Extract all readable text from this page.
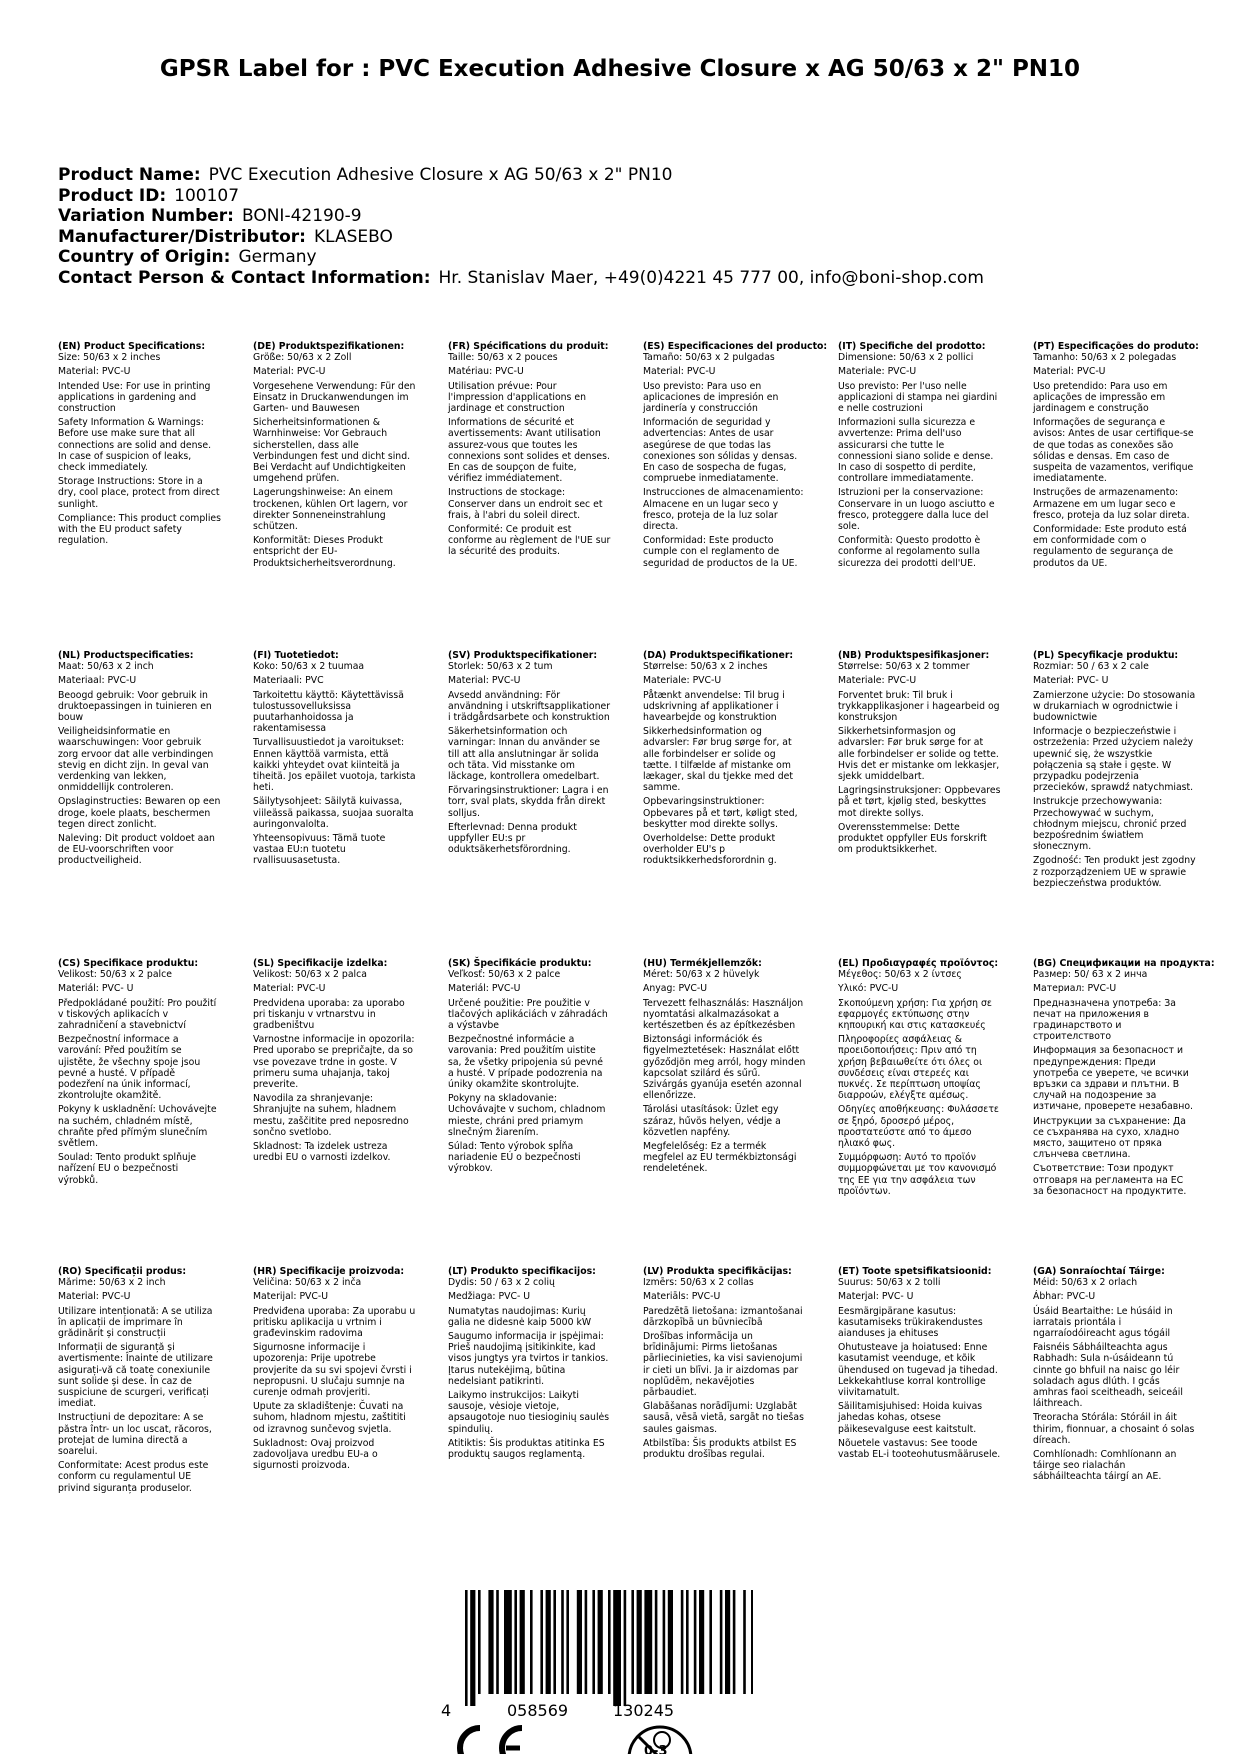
GPSR Label for : PVC Execution Adhesive Closure x AG 50/63 x 2" PN10
Product Name: PVC Execution Adhesive Closure x AG 50/63 x 2" PN10
Product ID: 100107
Variation Number: BONI-42190-9
Manufacturer/Distributor: KLASEBO
Country of Origin: Germany
Contact Person & Contact Information: Hr. Stanislav Maer, +49(0)4221 45 777 00, info@boni-shop.com
(EN) Product Specifications:
Size: 50/63 x 2 inches
Material: PVC-U
Intended Use: For use in printing applications in gardening and construction
Safety Information & Warnings: Before use make sure that all connections are solid and dense. In case of suspicion of leaks, check immediately.
Storage Instructions: Store in a dry, cool place, protect from direct sunlight.
Compliance: This product complies with the EU product safety regulation.
(DE) Produktspezifikationen:
Größe: 50/63 x 2 Zoll
Material: PVC-U
Vorgesehene Verwendung: Für den Einsatz in Druckanwendungen im Garten- und Bauwesen
Sicherheitsinformationen & Warnhinweise: Vor Gebrauch sicherstellen, dass alle Verbindungen fest und dicht sind. Bei Verdacht auf Undichtigkeiten umgehend prüfen.
Lagerungshinweise: An einem trockenen, kühlen Ort lagern, vor direkter Sonneneinstrahlung schützen.
Konformität: Dieses Produkt entspricht der EU-Produktsicherheitsverordnung.
(FR) Spécifications du produit:
Taille: 50/63 x 2 pouces
Matériau: PVC-U
Utilisation prévue: Pour l'impression d'applications en jardinage et construction
Informations de sécurité et avertissements: Avant utilisation assurez-vous que toutes les connexions sont solides et denses. En cas de soupçon de fuite, vérifiez immédiatement.
Instructions de stockage: Conserver dans un endroit sec et frais, à l'abri du soleil direct.
Conformité: Ce produit est conforme au règlement de l'UE sur la sécurité des produits.
(ES) Especificaciones del producto:
Tamaño: 50/63 x 2 pulgadas
Material: PVC-U
Uso previsto: Para uso en aplicaciones de impresión en jardinería y construcción
Información de seguridad y advertencias: Antes de usar asegúrese de que todas las conexiones son sólidas y densas. En caso de sospecha de fugas, compruebe inmediatamente.
Instrucciones de almacenamiento: Almacene en un lugar seco y fresco, proteja de la luz solar directa.
Conformidad: Este producto cumple con el reglamento de seguridad de productos de la UE.
(IT) Specifiche del prodotto:
Dimensione: 50/63 x 2 pollici
Materiale: PVC-U
Uso previsto: Per l'uso nelle applicazioni di stampa nei giardini e nelle costruzioni
Informazioni sulla sicurezza e avvertenze: Prima dell'uso assicurarsi che tutte le connessioni siano solide e dense. In caso di sospetto di perdite, controllare immediatamente.
Istruzioni per la conservazione: Conservare in un luogo asciutto e fresco, proteggere dalla luce del sole.
Conformità: Questo prodotto è conforme al regolamento sulla sicurezza dei prodotti dell'UE.
(PT) Especificações do produto:
Tamanho: 50/63 x 2 polegadas
Material: PVC-U
Uso pretendido: Para uso em aplicações de impressão em jardinagem e construção
Informações de segurança e avisos: Antes de usar certifique-se de que todas as conexões são sólidas e densas. Em caso de suspeita de vazamentos, verifique imediatamente.
Instruções de armazenamento: Armazene em um lugar seco e fresco, proteja da luz solar direta.
Conformidade: Este produto está em conformidade com o regulamento de segurança de produtos da UE.
(NL) Productspecificaties:
Maat: 50/63 x 2 inch
Materiaal: PVC-U
Beoogd gebruik: Voor gebruik in druktoepassingen in tuinieren en bouw
Veiligheidsinformatie en waarschuwingen: Voor gebruik zorg ervoor dat alle verbindingen stevig en dicht zijn. In geval van verdenking van lekken, onmiddellijk controleren.
Opslaginstructies: Bewaren op een droge, koele plaats, beschermen tegen direct zonlicht.
Naleving: Dit product voldoet aan de EU-voorschriften voor productveiligheid.
(FI) Tuotetiedot:
Koko: 50/63 x 2 tuumaa
Materiaali: PVC
Tarkoitettu käyttö: Käytettävissä tulostussovelluksissa puutarhanhoidossa ja rakentamisessa
Turvallisuustiedot ja varoitukset: Ennen käyttöä varmista, että kaikki yhteydet ovat kiinteitä ja tiheitä. Jos epäilet vuotoja, tarkista heti.
Säilytysohjeet: Säilytä kuivassa, viileässä paikassa, suojaa suoralta auringonvalolta.
Yhteensopivuus: Tämä tuote vastaa EU:n tuotetu rvallisuusasetusta.
(SV) Produktspecifikationer:
Storlek: 50/63 x 2 tum
Material: PVC-U
Avsedd användning: För användning i utskriftsapplikationer i trädgårdsarbete och konstruktion
Säkerhetsinformation och varningar: Innan du använder se till att alla anslutningar är solida och täta. Vid misstanke om läckage, kontrollera omedelbart.
Förvaringsinstruktioner: Lagra i en torr, sval plats, skydda från direkt solljus.
Efterlevnad: Denna produkt uppfyller EU:s pr oduktsäkerhetsförordning.
(DA) Produktspecifikationer:
Størrelse: 50/63 x 2 inches
Materiale: PVC-U
Påtænkt anvendelse: Til brug i udskrivning af applikationer i havearbejde og konstruktion
Sikkerhedsinformation og advarsler: Før brug sørge for, at alle forbindelser er solide og tætte. I tilfælde af mistanke om lækager, skal du tjekke med det samme.
Opbevaringsinstruktioner: Opbevares på et tørt, køligt sted, beskytter mod direkte sollys.
Overholdelse: Dette produkt overholder EU's p roduktsikkerhedsforordnin g.
(NB) Produktspesifikasjoner:
Størrelse: 50/63 x 2 tommer
Materiale: PVC-U
Forventet bruk: Til bruk i trykkapplikasjoner i hagearbeid og konstruksjon
Sikkerhetsinformasjon og advarsler: Før bruk sørge for at alle forbindelser er solide og tette. Hvis det er mistanke om lekkasjer, sjekk umiddelbart.
Lagringsinstruksjoner: Oppbevares på et tørt, kjølig sted, beskyttes mot direkte sollys.
Overensstemmelse: Dette produktet oppfyller EUs forskrift om produktsikkerhet.
(PL) Specyfikacje produktu:
Rozmiar: 50 / 63 x 2 cale
Materiał: PVC- U
Zamierzone użycie: Do stosowania w drukarniach w ogrodnictwie i budownictwie
Informacje o bezpieczeństwie i ostrzeżenia: Przed użyciem należy upewnić się, że wszystkie połączenia są stałe i gęste. W przypadku podejrzenia przecieków, sprawdź natychmiast.
Instrukcje przechowywania: Przechowywać w suchym, chłodnym miejscu, chronić przed bezpośrednim światłem słonecznym.
Zgodność: Ten produkt jest zgodny z rozporządzeniem UE w sprawie bezpieczeństwa produktów.
(CS) Specifikace produktu:
Velikost: 50/63 x 2 palce
Materiál: PVC- U
Předpokládané použití: Pro použití v tiskových aplikacích v zahradničení a stavebnictví
Bezpečnostní informace a varování: Před použitím se ujistěte, že všechny spoje jsou pevné a husté. V případě podezření na únik informací, zkontrolujte okamžitě.
Pokyny k uskladnění: Uchovávejte na suchém, chladném místě, chraňte před přímým slunečním světlem.
Soulad: Tento produkt splňuje nařízení EU o bezpečnosti výrobků.
(SL) Specifikacije izdelka:
Velikost: 50/63 x 2 palca
Material: PVC-U
Predvidena uporaba: za uporabo pri tiskanju v vrtnarstvu in gradbeništvu
Varnostne informacije in opozorila: Pred uporabo se prepričajte, da so vse povezave trdne in goste. V primeru suma uhajanja, takoj preverite.
Navodila za shranjevanje: Shranjujte na suhem, hladnem mestu, zaščitite pred neposredno sončno svetlobo.
Skladnost: Ta izdelek ustreza uredbi EU o varnosti izdelkov.
(SK) Špecifikácie produktu:
Veľkosť: 50/63 x 2 palce
Materiál: PVC-U
Určené použitie: Pre použitie v tlačových aplikáciách v záhradách a výstavbe
Bezpečnostné informácie a varovania: Pred použitím uistite sa, že všetky pripojenia sú pevné a husté. V prípade podozrenia na úniky okamžite skontrolujte.
Pokyny na skladovanie: Uchovávajte v suchom, chladnom mieste, chráni pred priamym slnečným žiarením.
Súlad: Tento výrobok spĺňa nariadenie EÚ o bezpečnosti výrobkov.
(HU) Termékjellemzők:
Méret: 50/63 x 2 hüvelyk
Anyag: PVC-U
Tervezett felhasználás: Használjon nyomtatási alkalmazásokat a kertészetben és az építkezésben
Biztonsági információk és figyelmeztetések: Használat előtt győződjön meg arról, hogy minden kapcsolat szilárd és sűrű. Szivárgás gyanúja esetén azonnal ellenőrizze.
Tárolási utasítások: Üzlet egy száraz, hűvös helyen, védje a közvetlen napfény.
Megfelelőség: Ez a termék megfelel az EU termékbiztonsági rendeletének.
(EL) Προδιαγραφές προϊόντος:
Μέγεθος: 50/63 x 2 ίντσες
Υλικό: PVC-U
Σκοπούμενη χρήση: Για χρήση σε εφαρμογές εκτύπωσης στην κηπουρική και στις κατασκευές
Πληροφορίες ασφάλειας & προειδοποιήσεις: Πριν από τη χρήση βεβαιωθείτε ότι όλες οι συνδέσεις είναι στερεές και πυκνές. Σε περίπτωση υποψίας διαρροών, ελέγξτε αμέσως.
Οδηγίες αποθήκευσης: Φυλάσσετε σε ξηρό, δροσερό μέρος, προστατεύστε από το άμεσο ηλιακό φως.
Συμμόρφωση: Αυτό το προϊόν συμμορφώνεται με τον κανονισμό της ΕΕ για την ασφάλεια των προϊόντων.
(BG) Спецификации на продукта:
Размер: 50/ 63 x 2 инча
Материал: PVC-U
Предназначена употреба: За печат на приложения в градинарството и строителството
Информация за безопасност и предупреждения: Преди употреба се уверете, че всички връзки са здрави и плътни. В случай на подозрение за изтичане, проверете незабавно.
Инструкции за съхранение: Да се съхранява на сухо, хладно място, защитено от пряка слънчева светлина.
Съответствие: Този продукт отговаря на регламента на ЕС за безопасност на продуктите.
(RO) Specificații produs:
Mărime: 50/63 x 2 inch
Material: PVC-U
Utilizare intenționată: A se utiliza în aplicații de imprimare în grădinărit și construcții
Informații de siguranță și avertismente: Înainte de utilizare asigurați-vă că toate conexiunile sunt solide și dese. În caz de suspiciune de scurgeri, verificați imediat.
Instrucțiuni de depozitare: A se păstra într- un loc uscat, răcoros, protejat de lumina directă a soarelui.
Conformitate: Acest produs este conform cu regulamentul UE privind siguranța produselor.
(HR) Specifikacije proizvoda:
Veličina: 50/63 x 2 inča
Materijal: PVC-U
Predviđena uporaba: Za uporabu u pritisku aplikacija u vrtnim i građevinskim radovima
Sigurnosne informacije i upozorenja: Prije upotrebe provjerite da su svi spojevi čvrsti i nepropusni. U slučaju sumnje na curenje odmah provjeriti.
Upute za skladištenje: Čuvati na suhom, hladnom mjestu, zaštititi od izravnog sunčevog svjetla.
Sukladnost: Ovaj proizvod zadovoljava uredbu EU-a o sigurnosti proizvoda.
(LT) Produkto specifikacijos:
Dydis: 50 / 63 x 2 colių
Medžiaga: PVC- U
Numatytas naudojimas: Kurių galia ne didesnė kaip 5000 kW
Saugumo informacija ir įspėjimai: Prieš naudojimą įsitikinkite, kad visos jungtys yra tvirtos ir tankios. Įtarus nutekėjimą, būtina nedelsiant patikrinti.
Laikymo instrukcijos: Laikyti sausoje, vėsioje vietoje, apsaugotoje nuo tiesioginių saulės spindulių.
Atitiktis: Šis produktas atitinka ES produktų saugos reglamentą.
(LV) Produkta specifikācijas:
Izmērs: 50/63 x 2 collas
Materiāls: PVC-U
Paredzētā lietošana: izmantošanai dārzkopībā un būvniecībā
Drošības informācija un brīdinājumi: Pirms lietošanas pārliecinieties, ka visi savienojumi ir cieti un blīvi. Ja ir aizdomas par noplūdēm, nekavējoties pārbaudiet.
Glabāšanas norādījumi: Uzglabāt sausā, vēsā vietā, sargāt no tiešas saules gaismas.
Atbilstība: Šis produkts atbilst ES produktu drošības regulai.
(ET) Toote spetsifikatsioonid:
Suurus: 50/63 x 2 tolli
Materjal: PVC- U
Eesmärgipärane kasutus: kasutamiseks trükirakendustes aianduses ja ehituses
Ohutusteave ja hoiatused: Enne kasutamist veenduge, et kõik ühendused on tugevad ja tihedad. Lekkekahtluse korral kontrollige viivitamatult.
Säilitamisjuhised: Hoida kuivas jahedas kohas, otsese päikesevalguse eest kaitstult.
Nõuetele vastavus: See toode vastab EL-i tooteohutusmäärusele.
(GA) Sonraíochtaí Táirge:
Méid: 50/63 x 2 orlach
Ábhar: PVC-U
Úsáid Beartaithe: Le húsáid in iarratais priontála i ngarraíodóireacht agus tógáil
Faisnéis Sábháilteachta agus Rabhadh: Sula n-úsáideann tú cinnte go bhfuil na naisc go léir soladach agus dlúth. I gcás amhras faoi sceitheadh, seiceáil láithreach.
Treoracha Stórála: Stóráil in áit thirim, fionnuar, a chosaint ó solas díreach.
Comhlíonadh: Comhlíonann an táirge seo rialachán sábháilteachta táirgí an AE.
4	058569	130245
0-3
